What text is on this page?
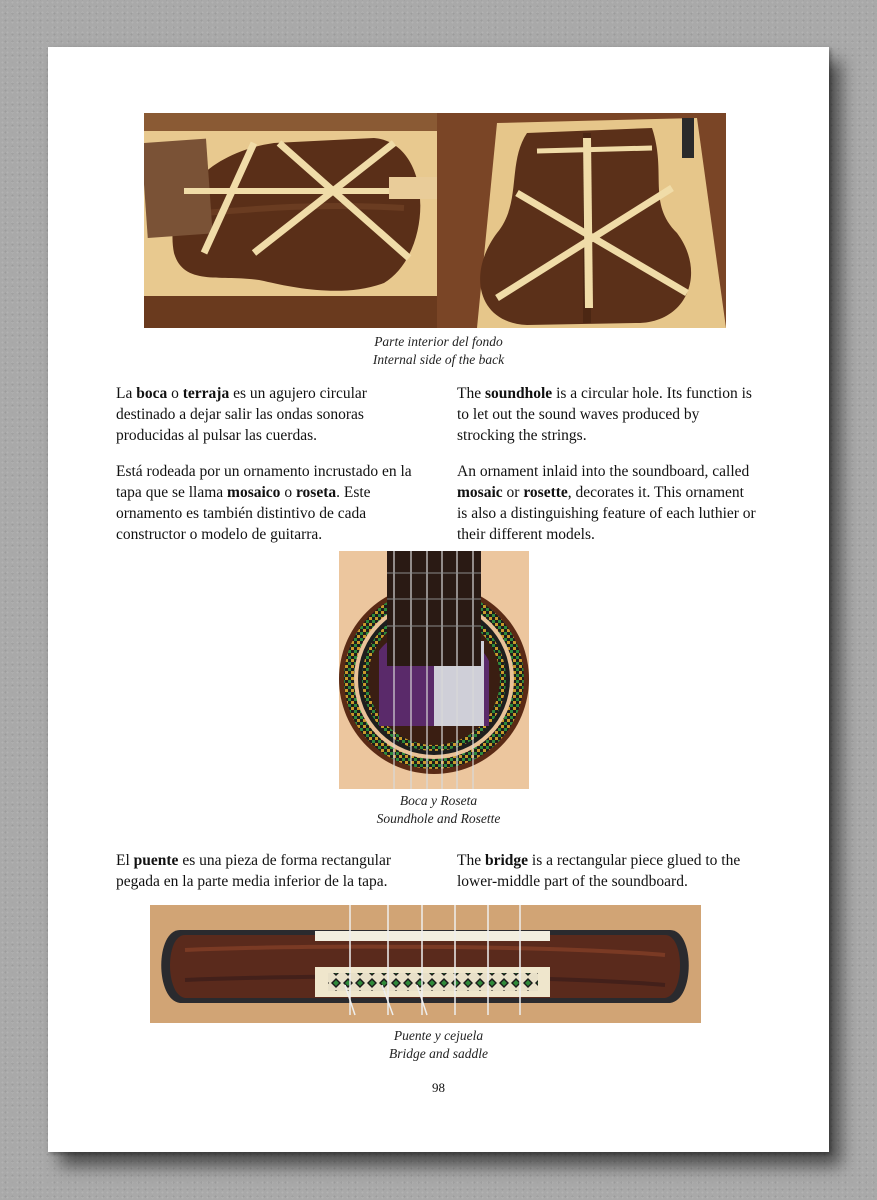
Parte interior del fondo
Internal side of the back
La boca o terraja es un agujero circular destinado a dejar salir las ondas sonoras producidas al pulsar las cuerdas.
The soundhole is a circular hole. Its function is to let out the sound waves produced by strocking the strings.
Está rodeada por un ornamento incrustado en la tapa que se llama mosaico o roseta. Este ornamento es también distintivo de cada constructor o modelo de guitarra.
An ornament inlaid into the soundboard, called mosaic or rosette, decorates it. This ornament is also a distinguishing feature of each luthier or their different models.
Boca y Roseta
Soundhole and Rosette
El puente es una pieza de forma rectangular pegada en la parte media inferior de la tapa.
The bridge is a rectangular piece glued to the lower-middle part of the soundboard.
Puente y cejuela
Bridge and saddle
98
